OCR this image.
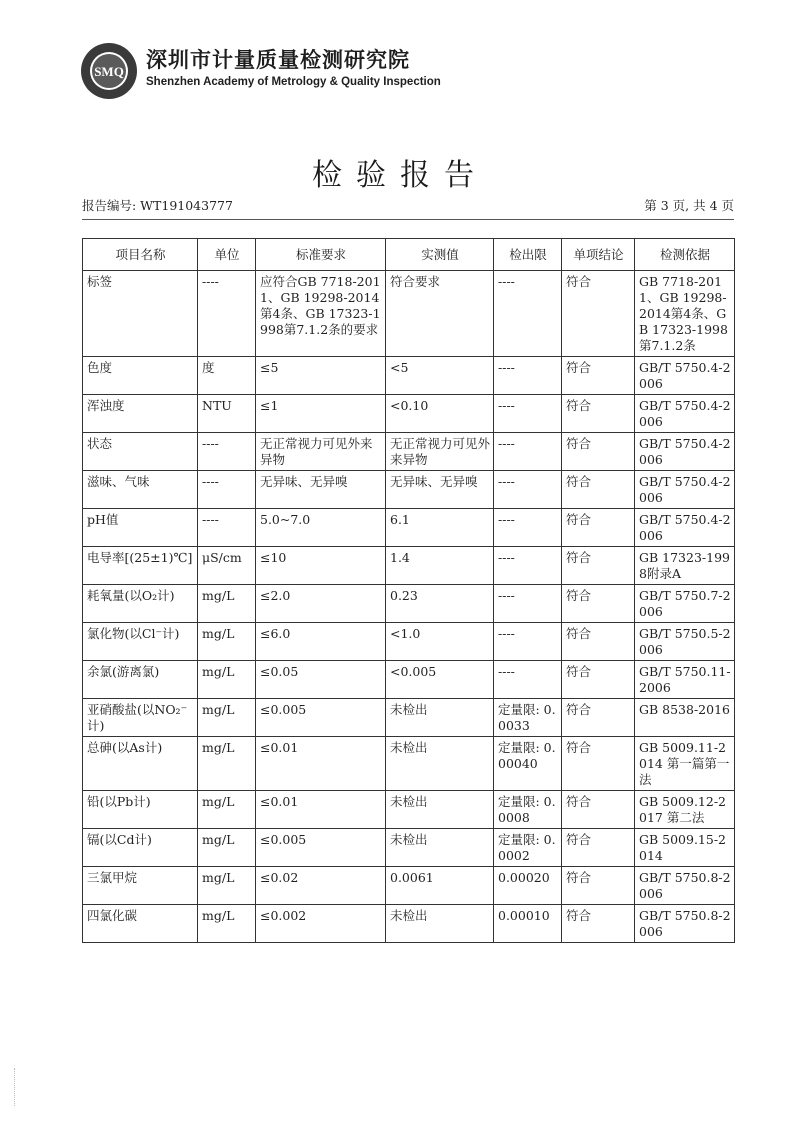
SMQ 深圳市计量质量检测研究院
Shenzhen Academy of Metrology & Quality Inspection
检验报告
报告编号: WT191043777	第 3 页, 共 4 页
项目名称	单位	标准要求	实测值	检出限	单项结论	检测依据
标签	----	应符合GB 7718-2011、GB 19298-2014第4条、GB 17323-1998第7.1.2条的要求	符合要求	----	符合	GB 7718-2011、GB 19298-2014第4条、GB 17323-1998第7.1.2条
色度	度	≤5	<5	----	符合	GB/T 5750.4-2006
浑浊度	NTU	≤1	<0.10	----	符合	GB/T 5750.4-2006
状态	----	无正常视力可见外来异物	无正常视力可见外来异物	----	符合	GB/T 5750.4-2006
滋味、气味	----	无异味、无异嗅	无异味、无异嗅	----	符合	GB/T 5750.4-2006
pH值	----	5.0~7.0	6.1	----	符合	GB/T 5750.4-2006
电导率[(25±1)℃]	μS/cm	≤10	1.4	----	符合	GB 17323-1998附录A
耗氧量(以O₂计)	mg/L	≤2.0	0.23	----	符合	GB/T 5750.7-2006
氯化物(以Cl⁻计)	mg/L	≤6.0	<1.0	----	符合	GB/T 5750.5-2006
余氯(游离氯)	mg/L	≤0.05	<0.005	----	符合	GB/T 5750.11-2006
亚硝酸盐(以NO₂⁻计)	mg/L	≤0.005	未检出	定量限: 0.0033	符合	GB 8538-2016
总砷(以As计)	mg/L	≤0.01	未检出	定量限: 0.00040	符合	GB 5009.11-2014 第一篇第一法
铅(以Pb计)	mg/L	≤0.01	未检出	定量限: 0.0008	符合	GB 5009.12-2017 第二法
镉(以Cd计)	mg/L	≤0.005	未检出	定量限: 0.0002	符合	GB 5009.15-2014
三氯甲烷	mg/L	≤0.02	0.0061	0.00020	符合	GB/T 5750.8-2006
四氯化碳	mg/L	≤0.002	未检出	0.00010	符合	GB/T 5750.8-2006
